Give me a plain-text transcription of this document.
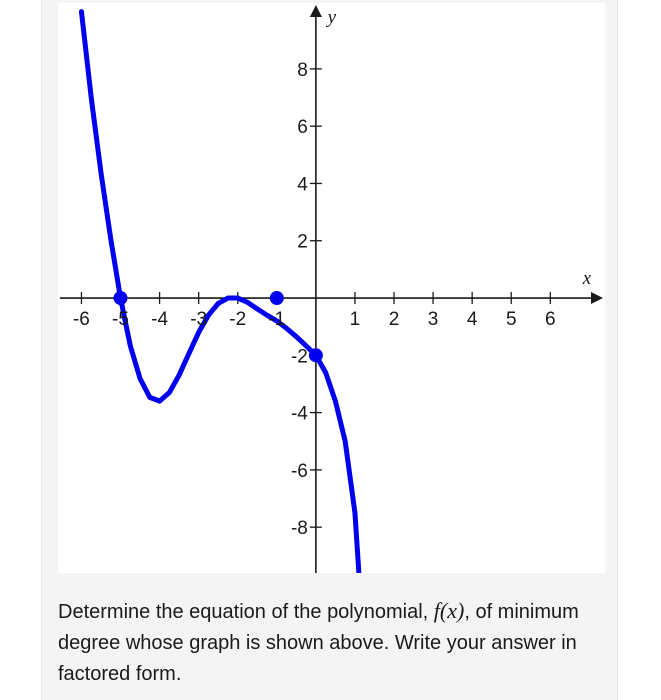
-6 -5 -4 -3 -2 -1	1 2 3 4 5 6
-8
-6
-4
-2
2
4
6
8
x
y
Determine the equation of the polynomial, f(x), of minimum degree whose graph is shown above. Write your answer in factored form.
